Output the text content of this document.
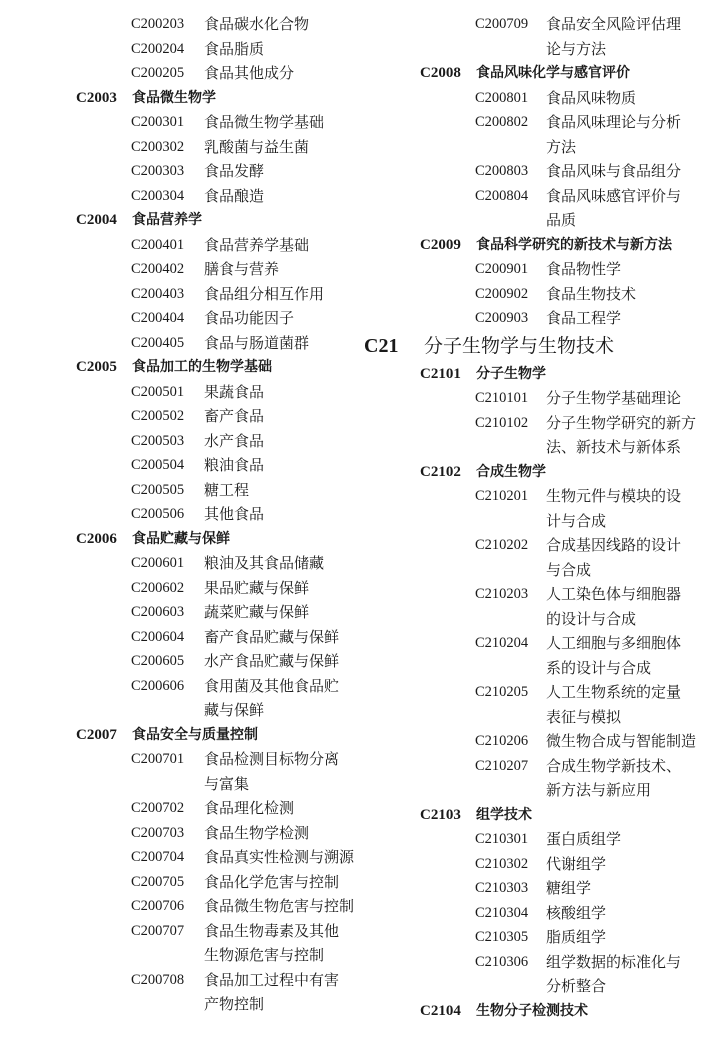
C200203 食品碳水化合物
C200204 食品脂质
C200205 食品其他成分
C2003 食品微生物学
C200301 食品微生物学基础
C200302 乳酸菌与益生菌
C200303 食品发酵
C200304 食品酿造
C2004 食品营养学
C200401 食品营养学基础
C200402 膳食与营养
C200403 食品组分相互作用
C200404 食品功能因子
C200405 食品与肠道菌群
C2005 食品加工的生物学基础
C200501 果蔬食品
C200502 畜产食品
C200503 水产食品
C200504 粮油食品
C200505 糖工程
C200506 其他食品
C2006 食品贮藏与保鲜
C200601 粮油及其食品储藏
C200602 果品贮藏与保鲜
C200603 蔬菜贮藏与保鲜
C200604 畜产食品贮藏与保鲜
C200605 水产食品贮藏与保鲜
C200606 食用菌及其他食品贮
藏与保鲜
C2007 食品安全与质量控制
C200701 食品检测目标物分离
与富集
C200702 食品理化检测
C200703 食品生物学检测
C200704 食品真实性检测与溯源
C200705 食品化学危害与控制
C200706 食品微生物危害与控制
C200707 食品生物毒素及其他
生物源危害与控制
C200708 食品加工过程中有害
产物控制
C200709 食品安全风险评估理
论与方法
C2008 食品风味化学与感官评价
C200801 食品风味物质
C200802 食品风味理论与分析
方法
C200803 食品风味与食品组分
C200804 食品风味感官评价与
品质
C2009 食品科学研究的新技术与新方法
C200901 食品物性学
C200902 食品生物技术
C200903 食品工程学
C21 分子生物学与生物技术
C2101 分子生物学
C210101 分子生物学基础理论
C210102 分子生物学研究的新方
法、新技术与新体系
C2102 合成生物学
C210201 生物元件与模块的设
计与合成
C210202 合成基因线路的设计
与合成
C210203 人工染色体与细胞器
的设计与合成
C210204 人工细胞与多细胞体
系的设计与合成
C210205 人工生物系统的定量
表征与模拟
C210206 微生物合成与智能制造
C210207 合成生物学新技术、
新方法与新应用
C2103 组学技术
C210301 蛋白质组学
C210302 代谢组学
C210303 糖组学
C210304 核酸组学
C210305 脂质组学
C210306 组学数据的标准化与
分析整合
C2104 生物分子检测技术
